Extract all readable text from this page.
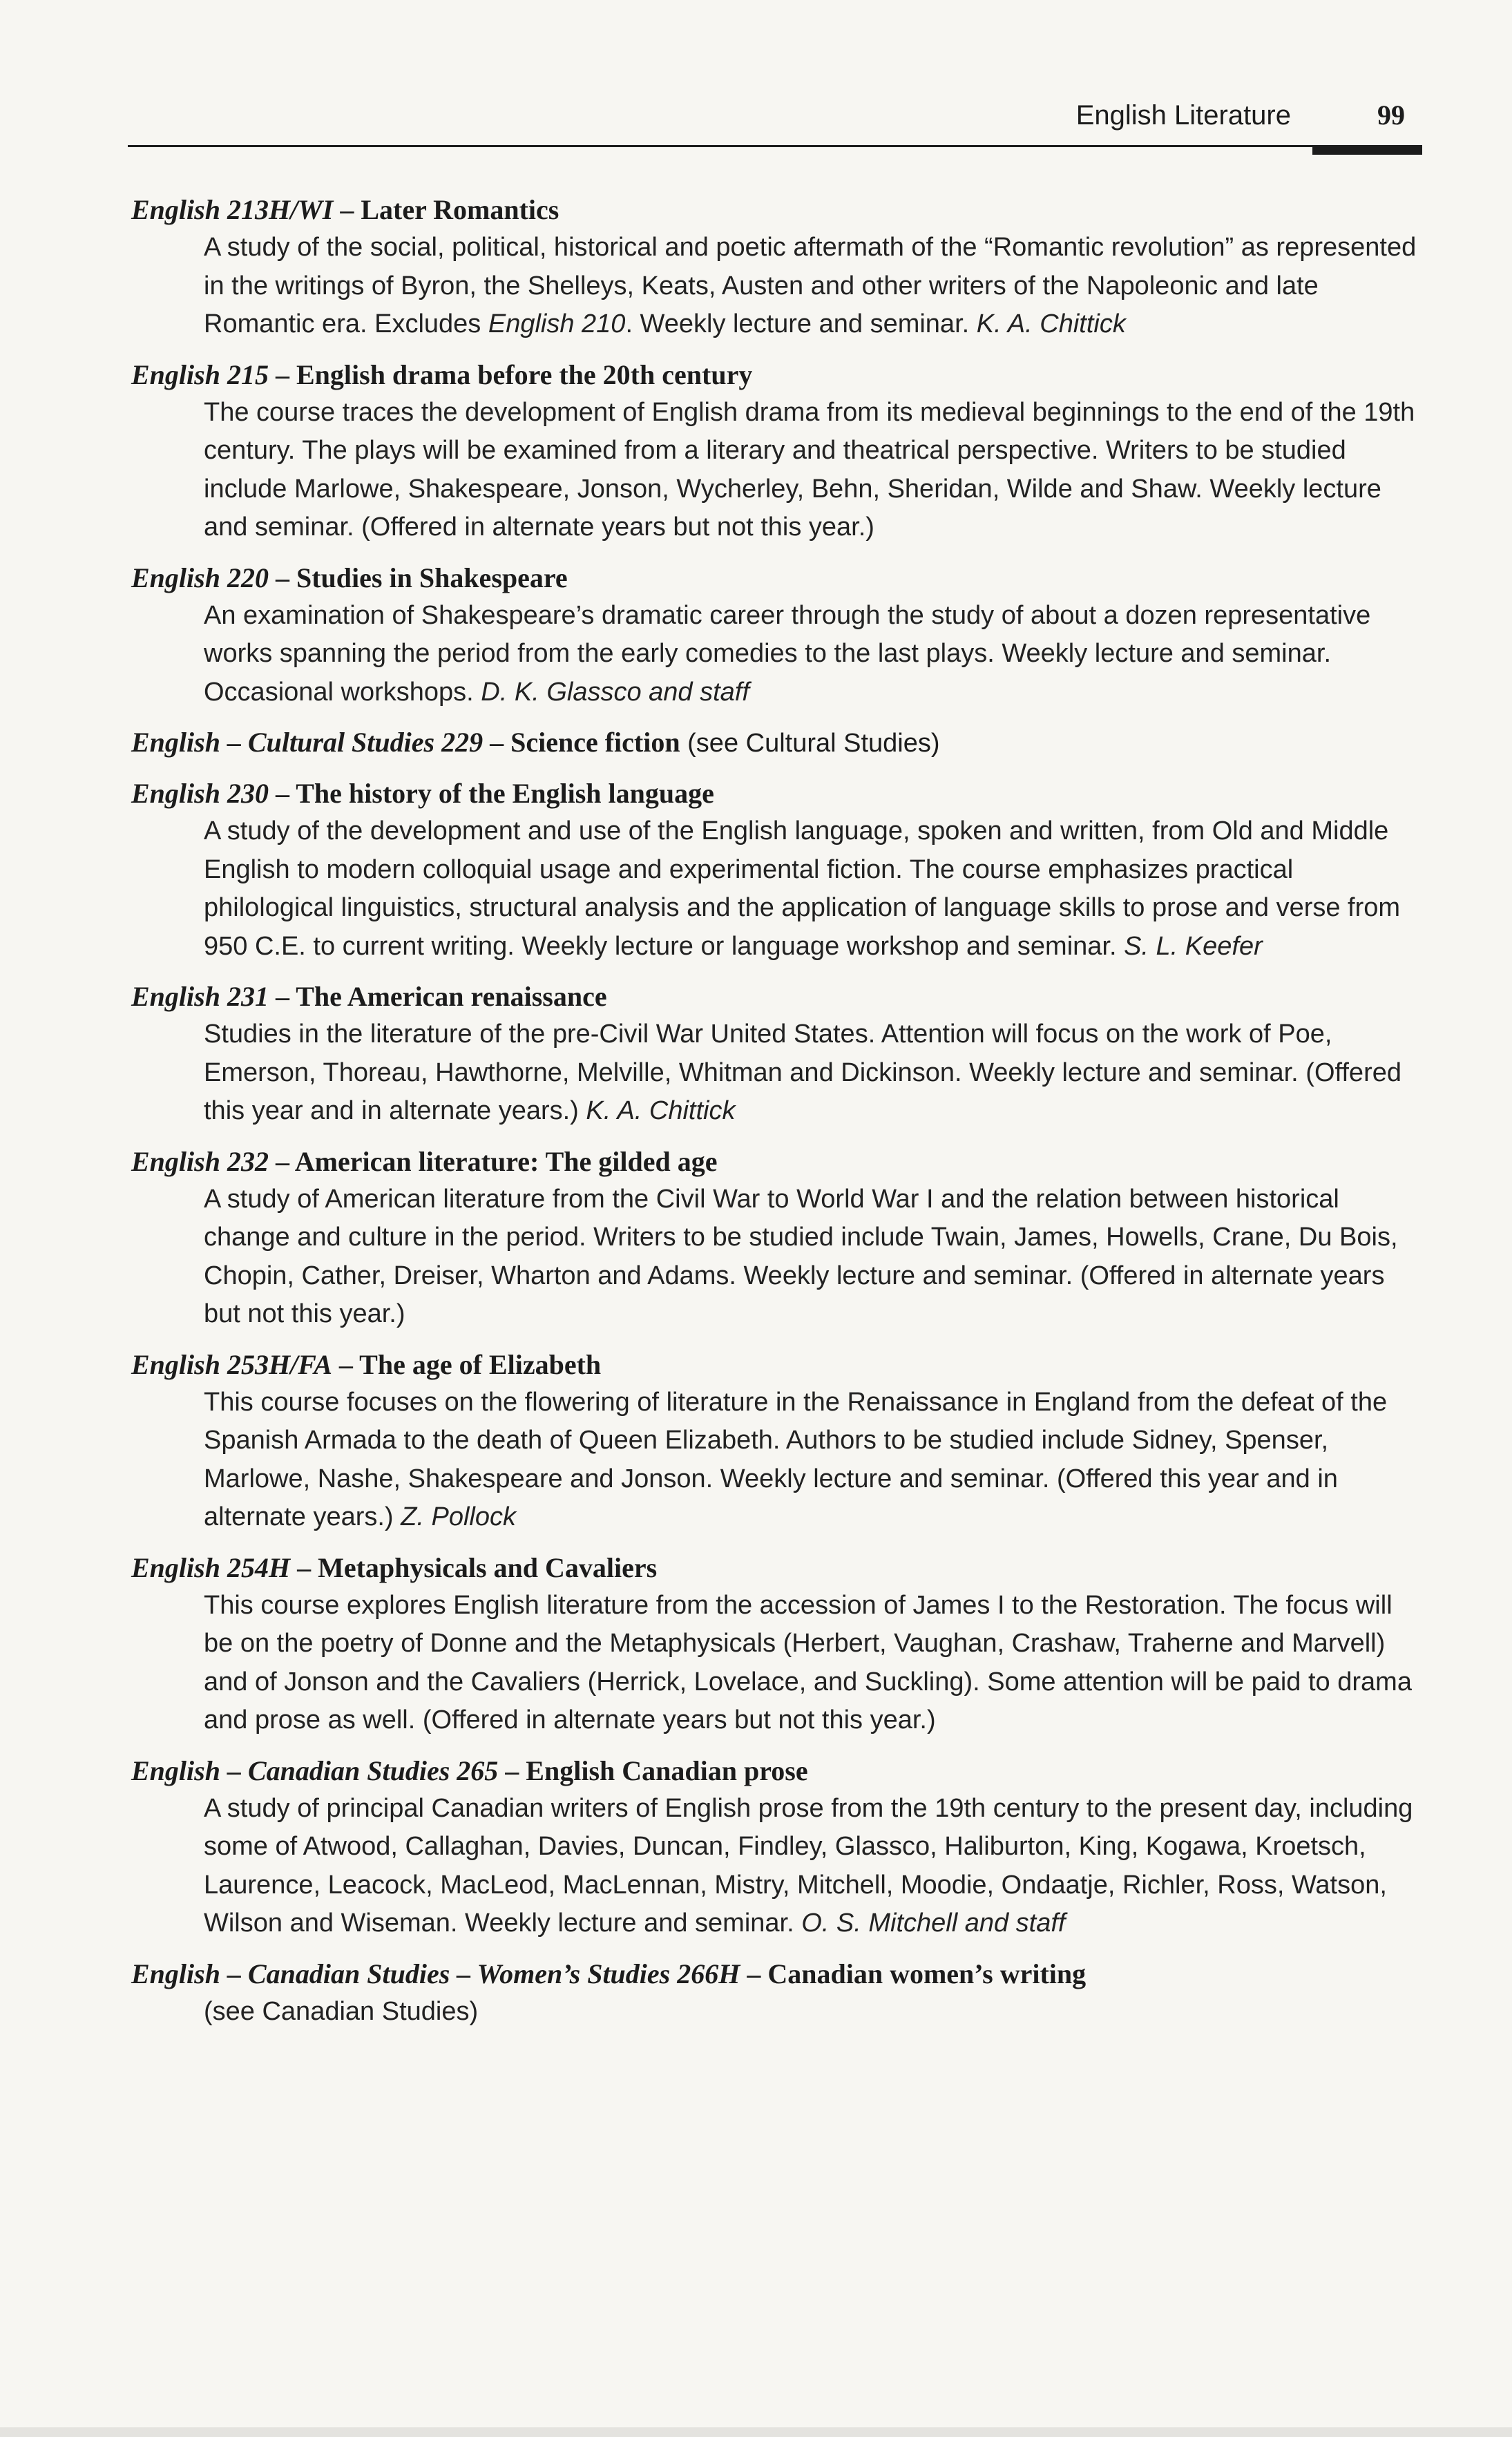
English Literature	99
English 213H/WI – Later Romantics
A study of the social, political, historical and poetic aftermath of the “Romantic revolution” as represented in the writings of Byron, the Shelleys, Keats, Austen and other writers of the Napoleonic and late Romantic era. Excludes English 210. Weekly lecture and seminar. K. A. Chittick
English 215 – English drama before the 20th century
The course traces the development of English drama from its medieval beginnings to the end of the 19th century. The plays will be examined from a literary and theatrical perspective. Writers to be studied include Marlowe, Shakespeare, Jonson, Wycherley, Behn, Sheridan, Wilde and Shaw. Weekly lecture and seminar. (Offered in alternate years but not this year.)
English 220 – Studies in Shakespeare
An examination of Shakespeare’s dramatic career through the study of about a dozen representative works spanning the period from the early comedies to the last plays. Weekly lecture and seminar. Occasional workshops. D. K. Glassco and staff
English – Cultural Studies 229 – Science fiction (see Cultural Studies)
English 230 – The history of the English language
A study of the development and use of the English language, spoken and written, from Old and Middle English to modern colloquial usage and experimental fiction. The course emphasizes practical philological linguistics, structural analysis and the application of language skills to prose and verse from 950 C.E. to current writing. Weekly lecture or language workshop and seminar. S. L. Keefer
English 231 – The American renaissance
Studies in the literature of the pre-Civil War United States. Attention will focus on the work of Poe, Emerson, Thoreau, Hawthorne, Melville, Whitman and Dickinson. Weekly lecture and seminar. (Offered this year and in alternate years.) K. A. Chittick
English 232 – American literature: The gilded age
A study of American literature from the Civil War to World War I and the relation between historical change and culture in the period. Writers to be studied include Twain, James, Howells, Crane, Du Bois, Chopin, Cather, Dreiser, Wharton and Adams. Weekly lecture and seminar. (Offered in alternate years but not this year.)
English 253H/FA – The age of Elizabeth
This course focuses on the flowering of literature in the Renaissance in England from the defeat of the Spanish Armada to the death of Queen Elizabeth. Authors to be studied include Sidney, Spenser, Marlowe, Nashe, Shakespeare and Jonson. Weekly lecture and seminar. (Offered this year and in alternate years.) Z. Pollock
English 254H – Metaphysicals and Cavaliers
This course explores English literature from the accession of James I to the Restoration. The focus will be on the poetry of Donne and the Metaphysicals (Herbert, Vaughan, Crashaw, Traherne and Marvell) and of Jonson and the Cavaliers (Herrick, Lovelace, and Suckling). Some attention will be paid to drama and prose as well. (Offered in alternate years but not this year.)
English – Canadian Studies 265 – English Canadian prose
A study of principal Canadian writers of English prose from the 19th century to the present day, including some of Atwood, Callaghan, Davies, Duncan, Findley, Glassco, Haliburton, King, Kogawa, Kroetsch, Laurence, Leacock, MacLeod, MacLennan, Mistry, Mitchell, Moodie, Ondaatje, Richler, Ross, Watson, Wilson and Wiseman. Weekly lecture and seminar. O. S. Mitchell and staff
English – Canadian Studies – Women’s Studies 266H – Canadian women’s writing
(see Canadian Studies)
